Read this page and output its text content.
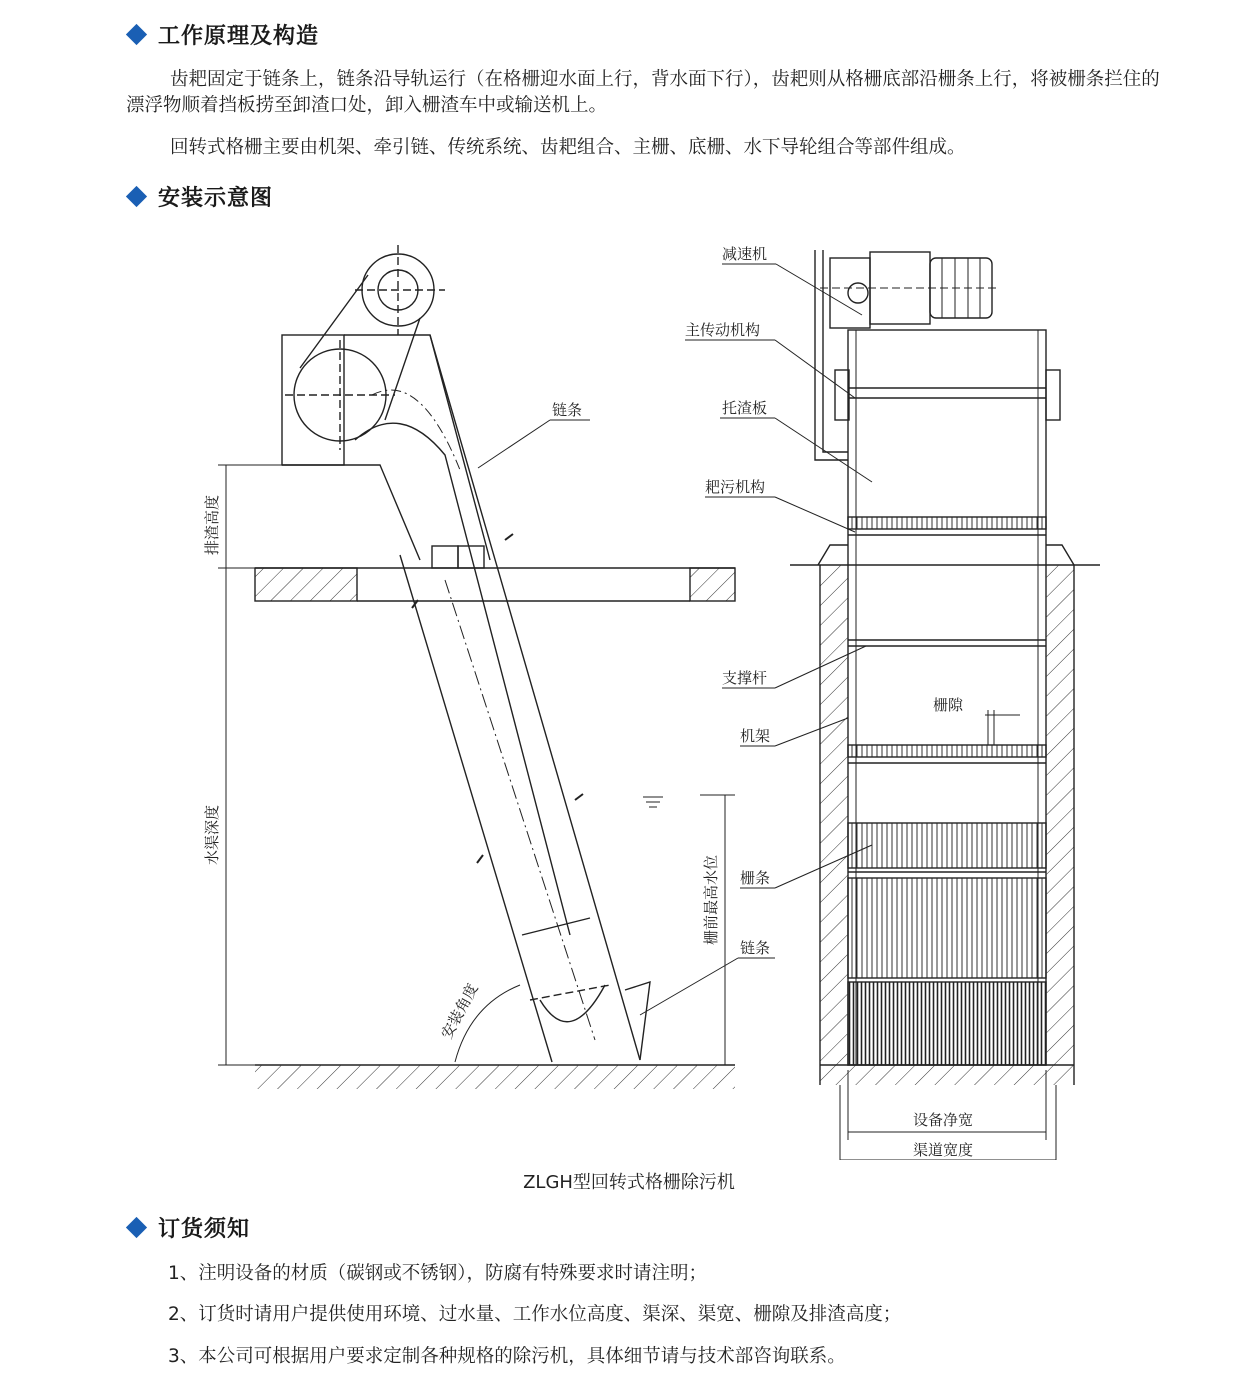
工作原理及构造
齿耙固定于链条上，链条沿导轨运行（在格栅迎水面上行，背水面下行），齿耙则从格栅底部沿栅条上行，将被栅条拦住的漂浮物顺着挡板捞至卸渣口处，卸入栅渣车中或输送机上。
回转式格栅主要由机架、牵引链、传统系统、齿耙组合、主栅、底栅、水下导轮组合等部件组成。
安装示意图
链条
链条
排渣高度
水渠深度
栅前最高水位
安装角度
减速机
主传动机构
托渣板
耙污机构
支撑杆
机架
栅隙
栅条
设备净宽
渠道宽度
ZLGH型回转式格栅除污机
订货须知
1、注明设备的材质（碳钢或不锈钢），防腐有特殊要求时请注明；
2、订货时请用户提供使用环境、过水量、工作水位高度、渠深、渠宽、栅隙及排渣高度；
3、本公司可根据用户要求定制各种规格的除污机，具体细节请与技术部咨询联系。
